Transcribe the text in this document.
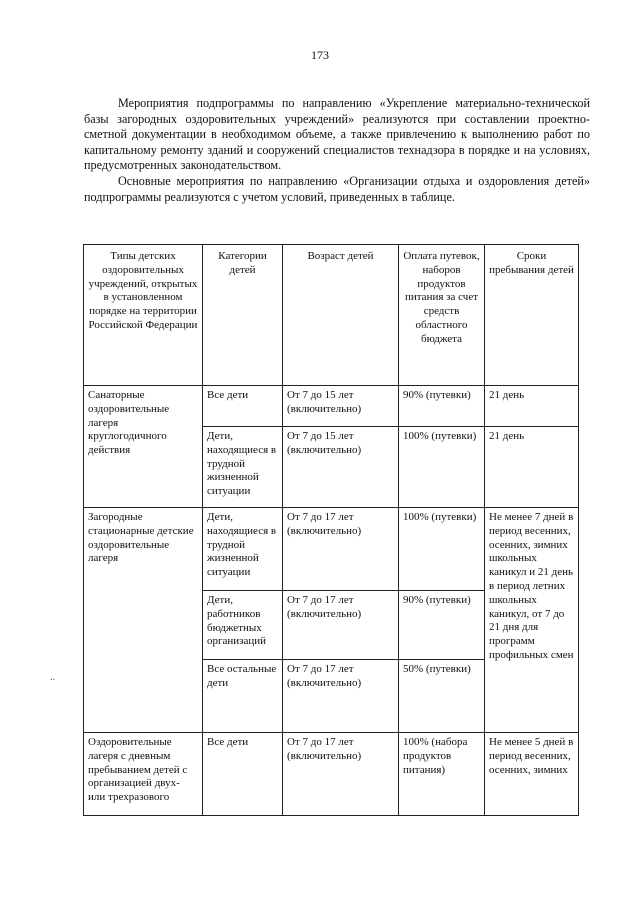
173

Мероприятия подпрограммы по направлению «Укрепление материально-технической базы загородных оздоровительных учреждений» реализуются при составлении проектно-сметной документации в необходимом объеме, а также привлечению к выполнению работ по капитальному ремонту зданий и сооружений специалистов технадзора в порядке и на условиях, предусмотренных законодательством.

Основные мероприятия по направлению «Организации отдыха и оздоровления детей» подпрограммы реализуются с учетом условий, приведенных в таблице.

..
Типы детских оздоровительных учреждений, открытых в установленном порядке на территории Российской Федерации	Категории детей	Возраст детей	Оплата путевок, наборов продуктов питания за счет средств областного бюджета	Сроки пребывания детей
Санаторные оздоровительные лагеря круглогодичного действия	Все дети	От 7 до 15 лет (включительно)	90% (путевки)	21 день
	Дети, находящиеся в трудной жизненной ситуации	От 7 до 15 лет (включительно)	100% (путевки)	21 день
Загородные стационарные детские оздоровительные лагеря	Дети, находящиеся в трудной жизненной ситуации	От 7 до 17 лет (включительно)	100% (путевки)	Не менее 7 дней в период весенних, осенних, зимних школьных каникул и 21 день в период летних школьных каникул, от 7 до 21 дня для программ профильных смен
	Дети, работников бюджетных организаций	От 7 до 17 лет (включительно)	90% (путевки)	
	Все остальные дети	От 7 до 17 лет (включительно)	50% (путевки)	
Оздоровительные лагеря с дневным пребыванием детей с организацией двух- или трехразового	Все дети	От 7 до 17 лет (включительно)	100% (набора продуктов питания)	Не менее 5 дней в период весенних, осенних, зимних
